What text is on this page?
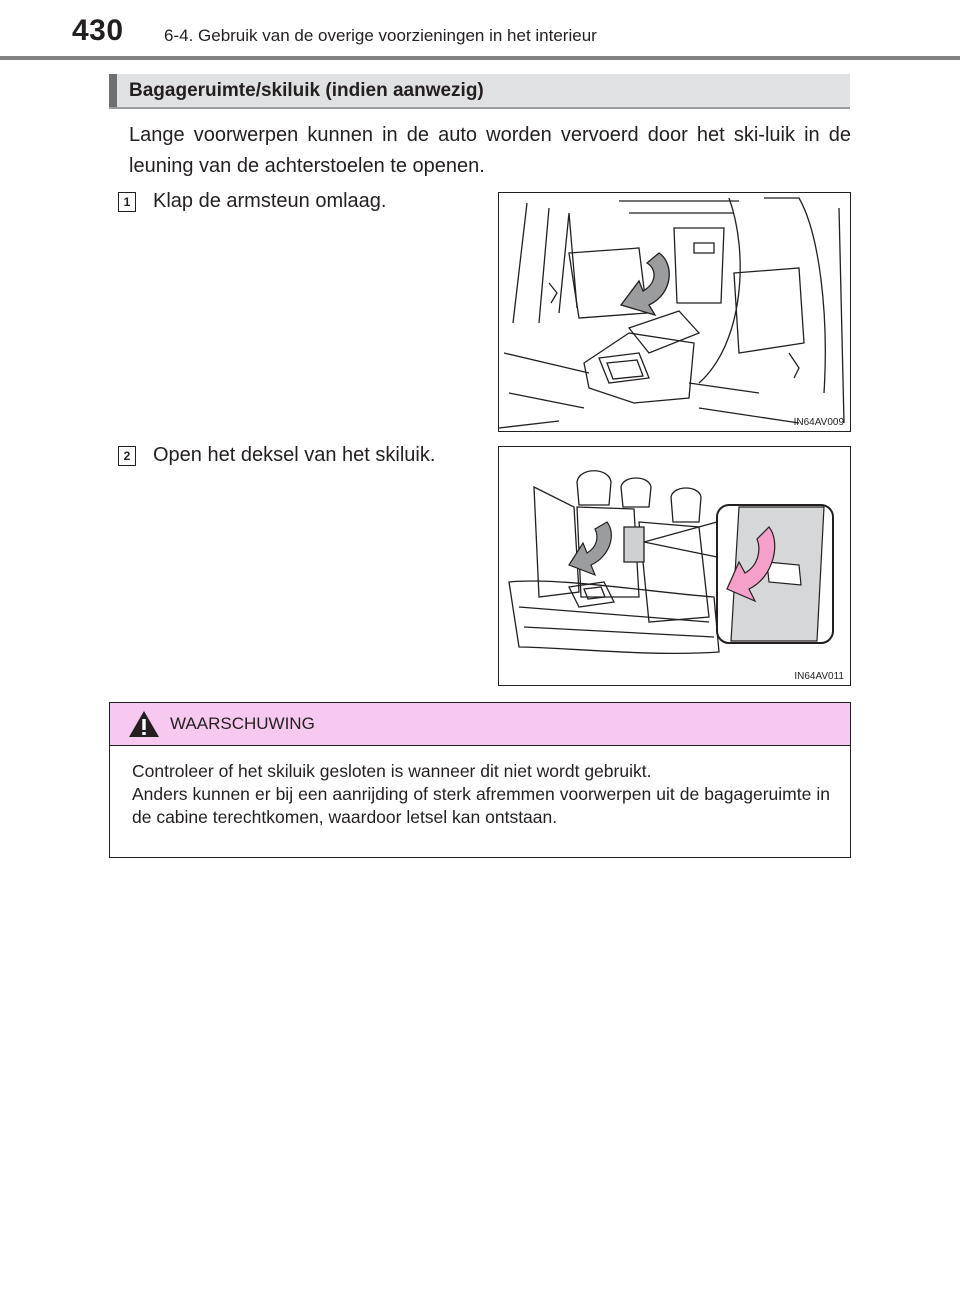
430 6-4. Gebruik van de overige voorzieningen in het interieur
Bagageruimte/skiluik (indien aanwezig)
Lange voorwerpen kunnen in de auto worden vervoerd door het ski-luik in de leuning van de achterstoelen te openen.
1 Klap de armsteun omlaag.
IN64AV009
2 Open het deksel van het skiluik.
IN64AV011
WAARSCHUWING
Controleer of het skiluik gesloten is wanneer dit niet wordt gebruikt.
Anders kunnen er bij een aanrijding of sterk afremmen voorwerpen uit de bagageruimte in de cabine terechtkomen, waardoor letsel kan ontstaan.
